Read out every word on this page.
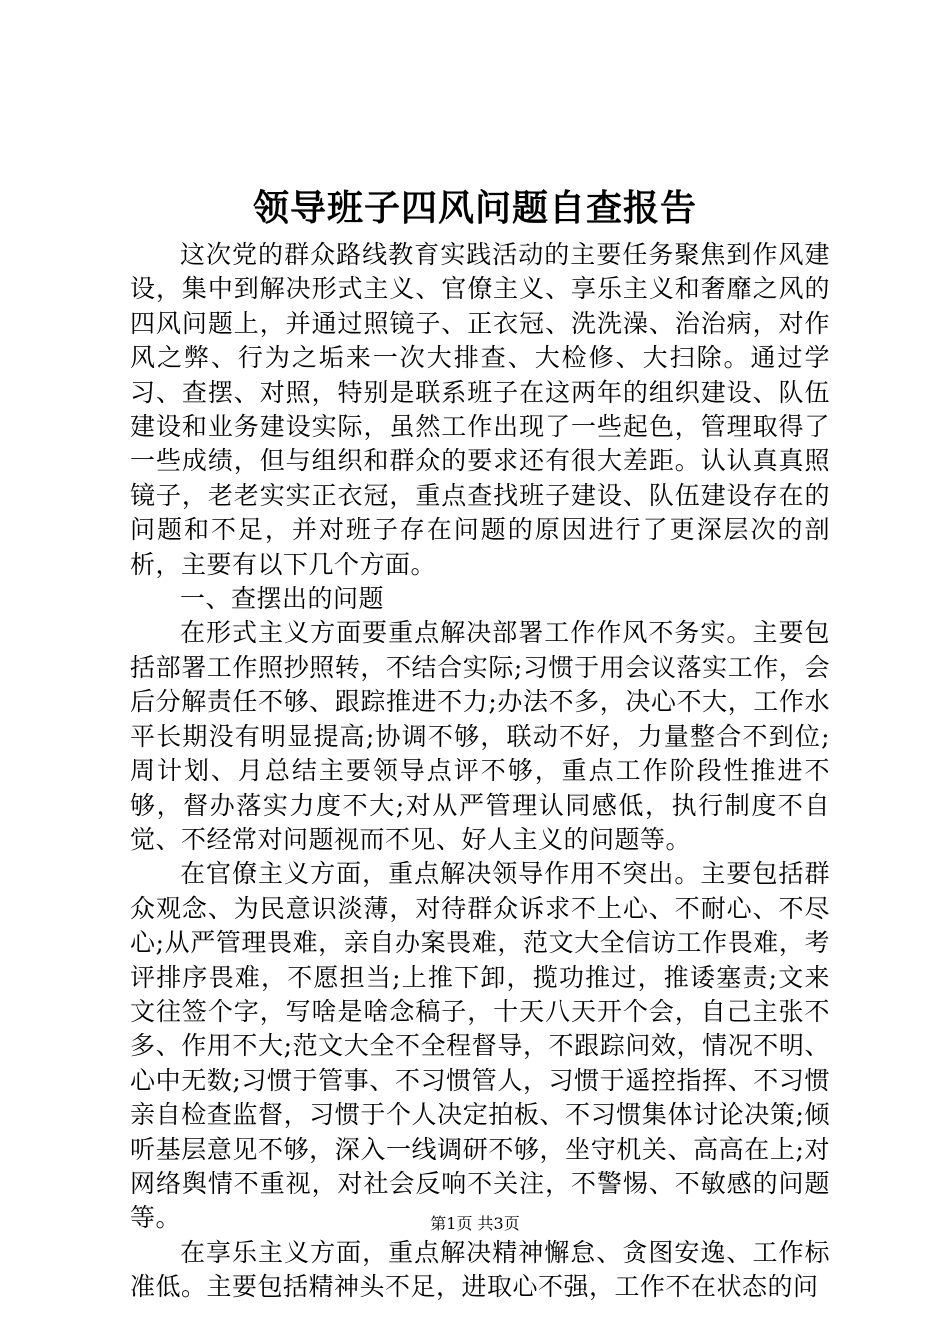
领导班子四风问题自查报告

这次党的群众路线教育实践活动的主要任务聚焦到作风建设，集中到解决形式主义、官僚主义、享乐主义和奢靡之风的四风问题上，并通过照镜子、正衣冠、洗洗澡、治治病，对作风之弊、行为之垢来一次大排查、大检修、大扫除。通过学习、查摆、对照，特别是联系班子在这两年的组织建设、队伍建设和业务建设实际，虽然工作出现了一些起色，管理取得了一些成绩，但与组织和群众的要求还有很大差距。认认真真照镜子，老老实实正衣冠，重点查找班子建设、队伍建设存在的问题和不足，并对班子存在问题的原因进行了更深层次的剖析，主要有以下几个方面。

一、查摆出的问题

在形式主义方面要重点解决部署工作作风不务实。主要包括部署工作照抄照转，不结合实际;习惯于用会议落实工作，会后分解责任不够、跟踪推进不力;办法不多，决心不大，工作水平长期没有明显提高;协调不够，联动不好，力量整合不到位;周计划、月总结主要领导点评不够，重点工作阶段性推进不够，督办落实力度不大;对从严管理认同感低，执行制度不自觉、不经常对问题视而不见、好人主义的问题等。

在官僚主义方面，重点解决领导作用不突出。主要包括群众观念、为民意识淡薄，对待群众诉求不上心、不耐心、不尽心;从严管理畏难，亲自办案畏难，范文大全信访工作畏难，考评排序畏难，不愿担当;上推下卸，揽功推过，推诿塞责;文来文往签个字，写啥是啥念稿子，十天八天开个会，自己主张不多、作用不大;范文大全不全程督导，不跟踪问效，情况不明、心中无数;习惯于管事、不习惯管人，习惯于遥控指挥、不习惯亲自检查监督，习惯于个人决定拍板、不习惯集体讨论决策;倾听基层意见不够，深入一线调研不够，坐守机关、高高在上;对网络舆情不重视，对社会反响不关注，不警惕、不敏感的问题等。

在享乐主义方面，重点解决精神懈怠、贪图安逸、工作标准低。主要包括精神头不足，进取心不强，工作不在状态的问

第1页 共3页
